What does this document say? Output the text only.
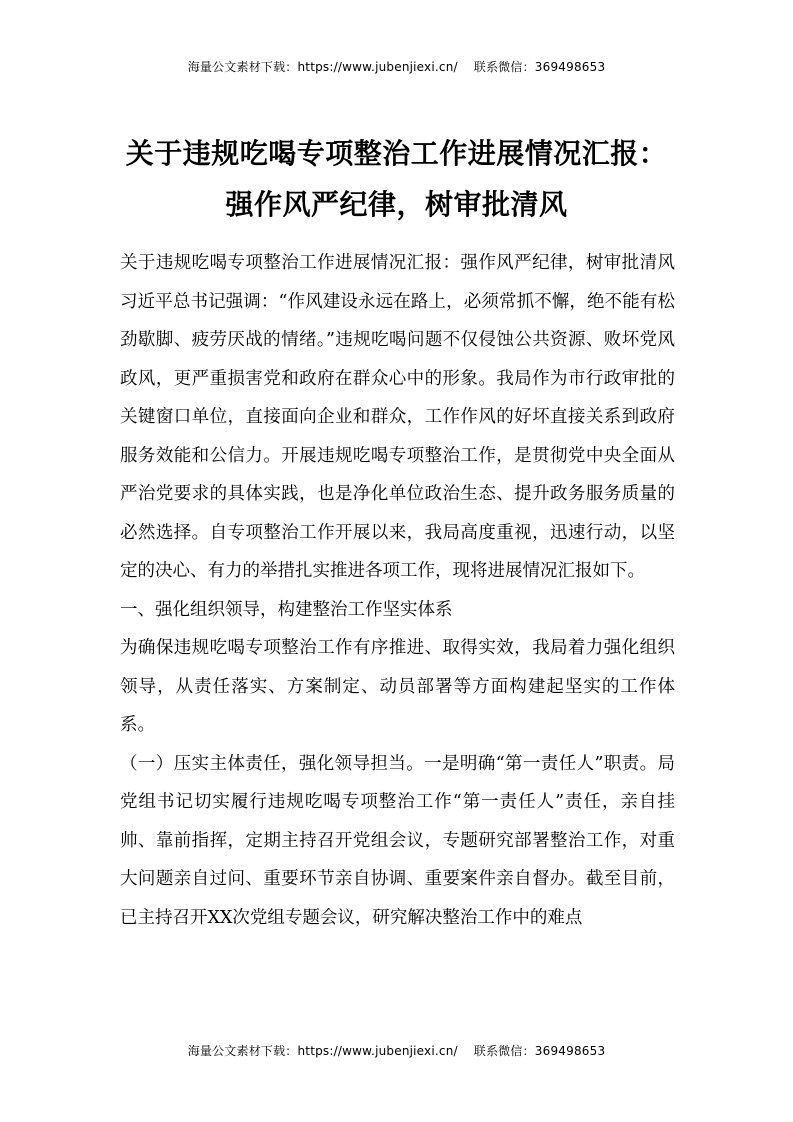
海量公文素材下载：https://www.jubenjiexi.cn/ 联系微信：369498653
关于违规吃喝专项整治工作进展情况汇报：
强作风严纪律，树审批清风

关于违规吃喝专项整治工作进展情况汇报：强作风严纪律，树审批清风习近平总书记强调：“作风建设永远在路上，必须常抓不懈，绝不能有松劲歇脚、疲劳厌战的情绪。”违规吃喝问题不仅侵蚀公共资源、败坏党风政风，更严重损害党和政府在群众心中的形象。我局作为市行政审批的关键窗口单位，直接面向企业和群众，工作作风的好坏直接关系到政府服务效能和公信力。开展违规吃喝专项整治工作，是贯彻党中央全面从严治党要求的具体实践，也是净化单位政治生态、提升政务服务质量的必然选择。自专项整治工作开展以来，我局高度重视，迅速行动，以坚定的决心、有力的举措扎实推进各项工作，现将进展情况汇报如下。

一、强化组织领导，构建整治工作坚实体系

为确保违规吃喝专项整治工作有序推进、取得实效，我局着力强化组织领导，从责任落实、方案制定、动员部署等方面构建起坚实的工作体系。

（一）压实主体责任，强化领导担当。一是明确“第一责任人”职责。局党组书记切实履行违规吃喝专项整治工作“第一责任人”责任，亲自挂帅、靠前指挥，定期主持召开党组会议，专题研究部署整治工作，对重大问题亲自过问、重要环节亲自协调、重要案件亲自督办。截至目前，已主持召开XX次党组专题会议，研究解决整治工作中的难点

海量公文素材下载：https://www.jubenjiexi.cn/ 联系微信：369498653
